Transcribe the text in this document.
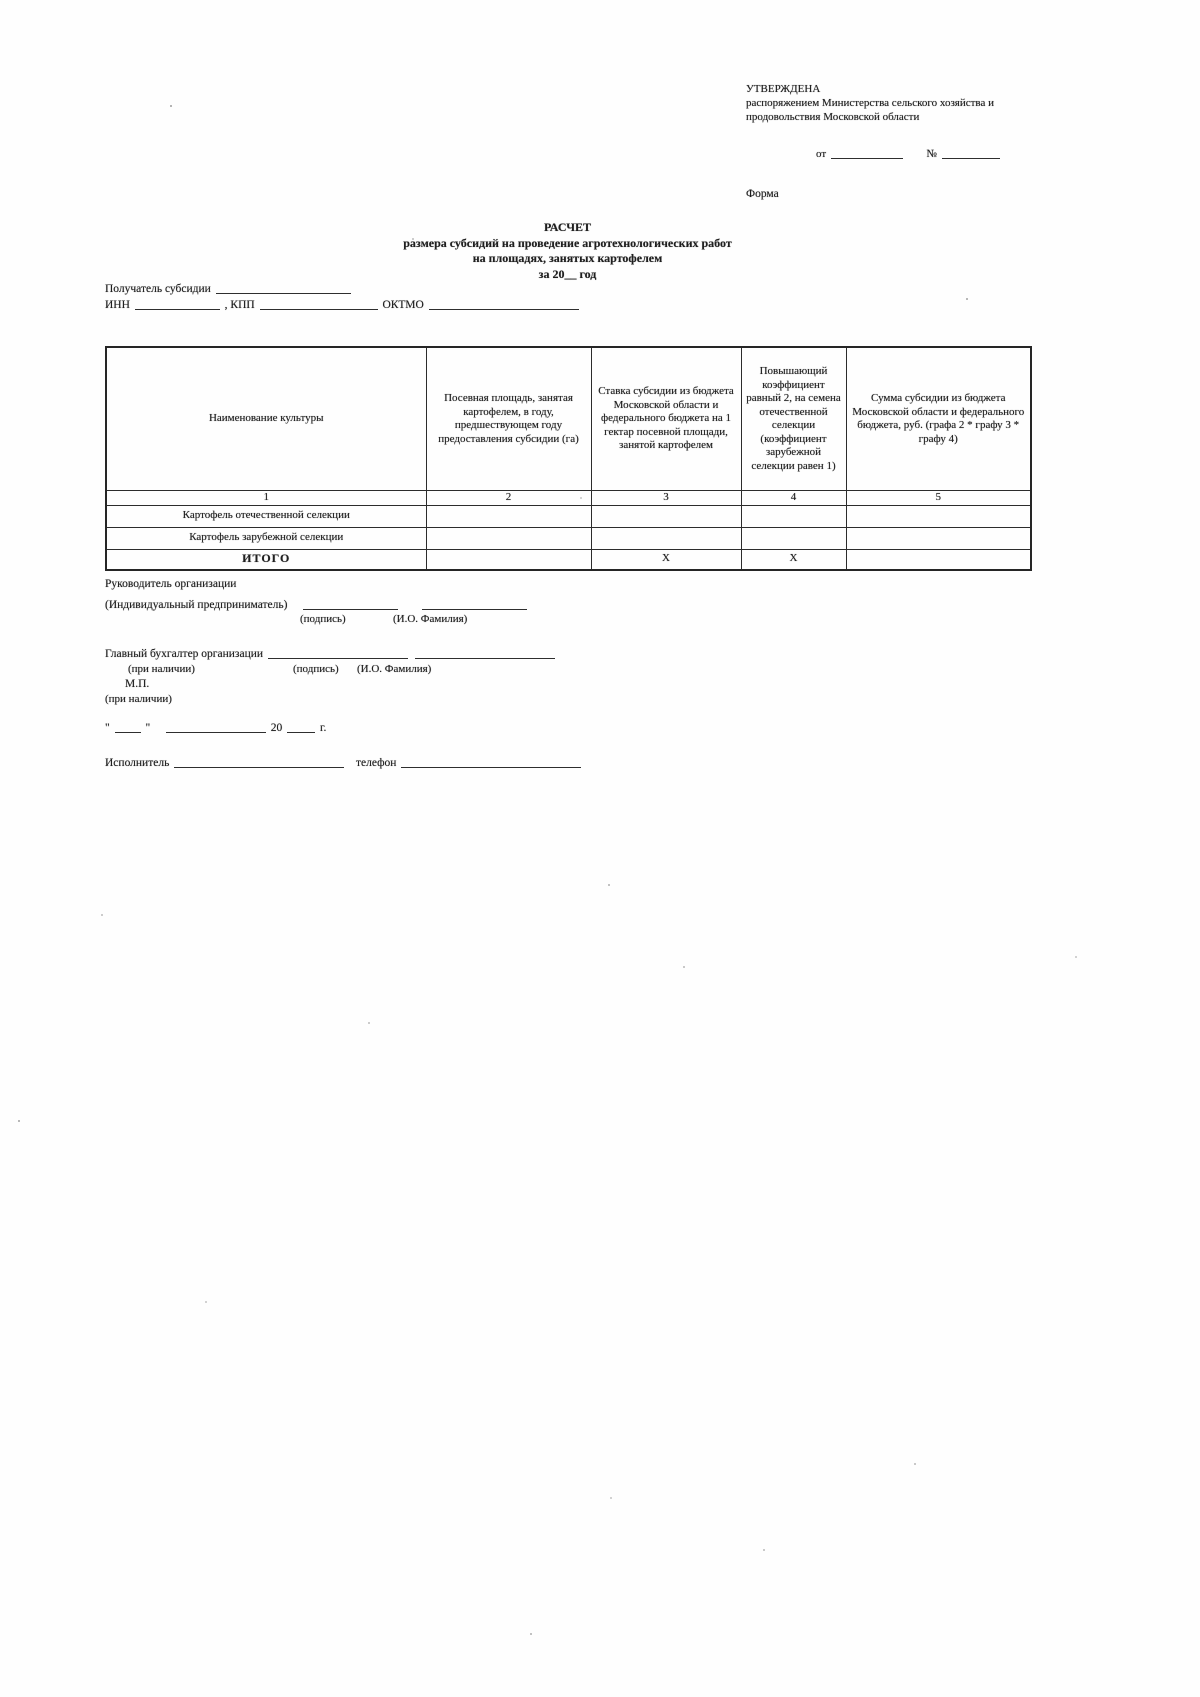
УТВЕРЖДЕНА
распоряжением Министерства сельского хозяйства и
продовольствия Московской области
от	№
Форма
РАСЧЕТ
размера субсидий на проведение агротехнологических работ
на площадях, занятых картофелем
за 20__ год
Получатель субсидии
ИНН	, КПП	ОКТМО
Наименование культуры	Посевная площадь, занятая картофелем, в году, предшествующем году предоставления субсидии (га)	Ставка субсидии из бюджета Московской области и федерального бюджета на 1 гектар посевной площади, занятой картофелем	Повышающий коэффициент равный 2, на семена отечественной селекции (коэффициент зарубежной селекции равен 1)	Сумма субсидии из бюджета Московской области и федерального бюджета, руб. (графа 2 * графу 3 * графу 4)
1	2	3	4	5
Картофель отечественной селекции				
Картофель зарубежной селекции				
ИТОГО		X	X	
Руководитель организации
(Индивидуальный предприниматель)
(подпись)	(И.О. Фамилия)
Главный бухгалтер организации
(при наличии)	(подпись) (И.О. Фамилия)
М.П.
(при наличии)
"	"	20	г.
Исполнитель	телефон
